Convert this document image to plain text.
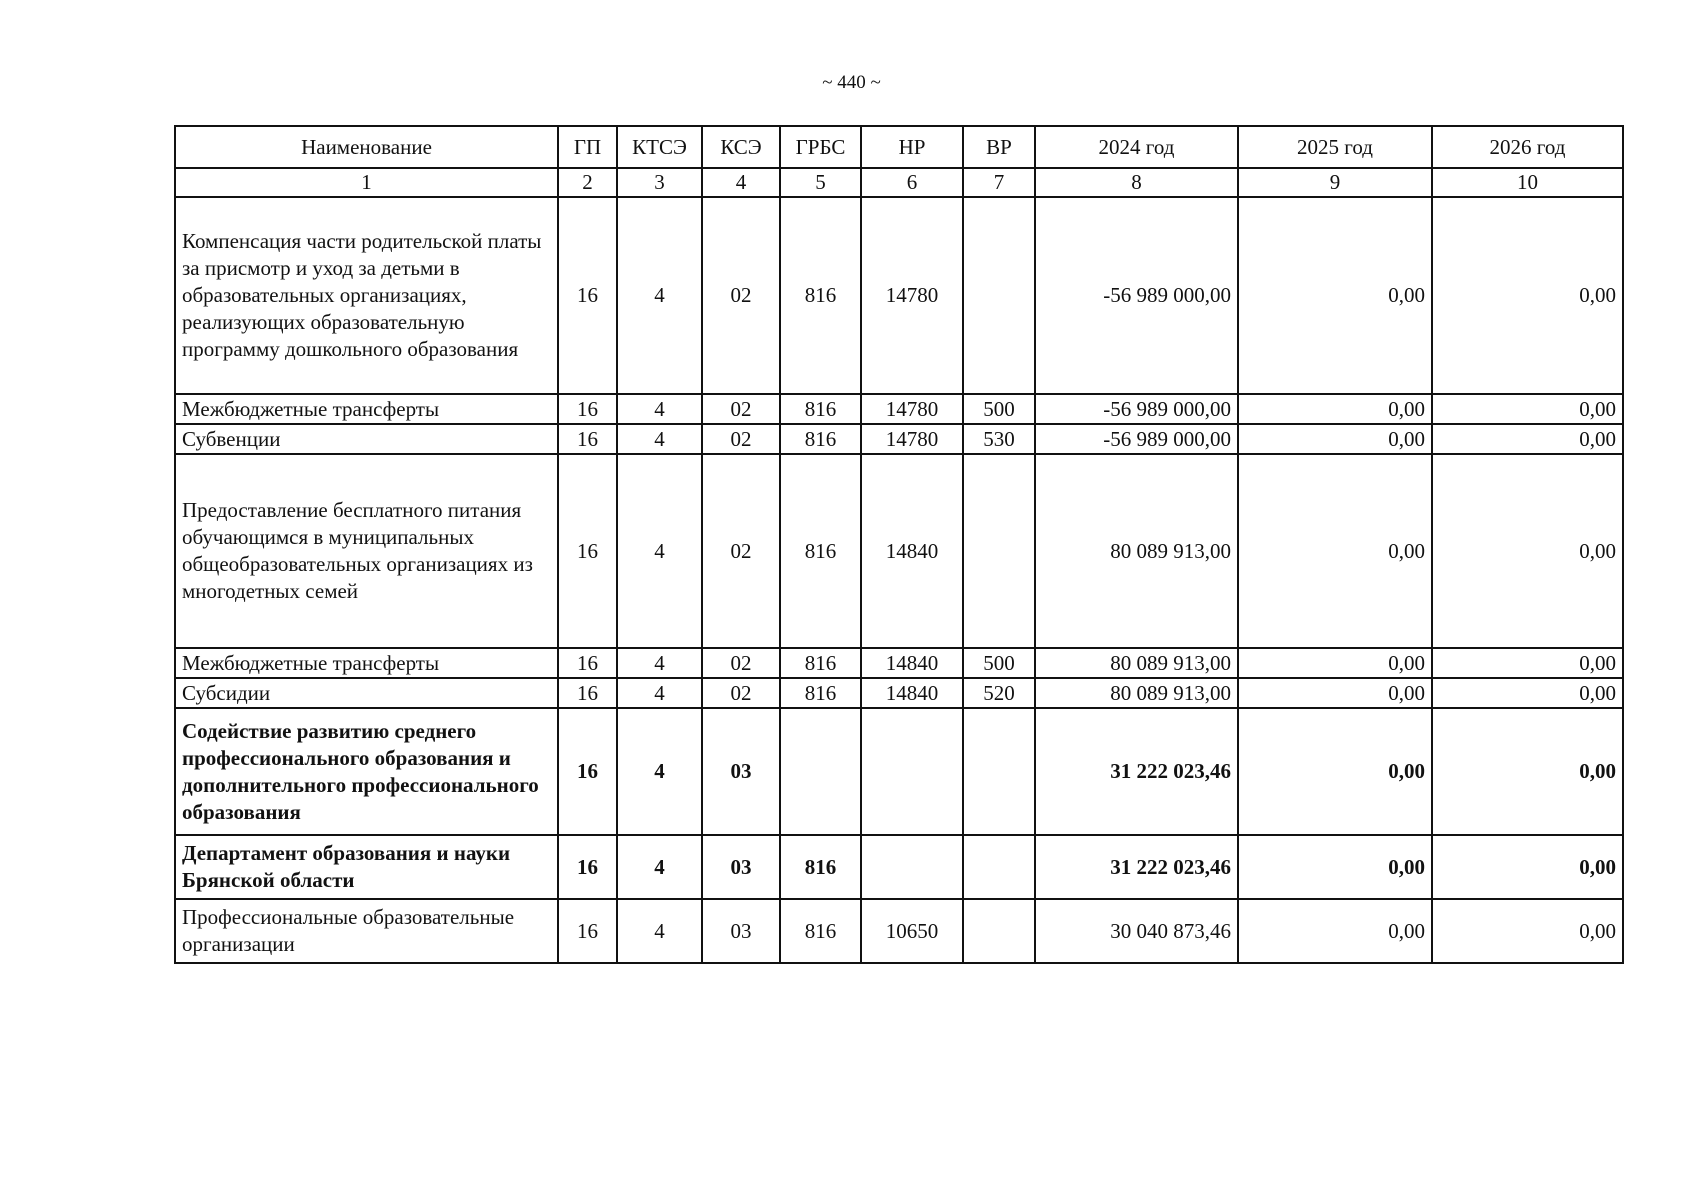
~ 440 ~
Наименование	ГП	КТСЭ	КСЭ	ГРБС	НР	ВР	2024 год	2025 год	2026 год
1	2	3	4	5	6	7	8	9	10
Компенсация части родительской платы за присмотр и уход за детьми в образовательных организациях, реализующих образовательную программу дошкольного образования	16	4	02	816	14780		-56 989 000,00	0,00	0,00
Межбюджетные трансферты	16	4	02	816	14780	500	-56 989 000,00	0,00	0,00
Субвенции	16	4	02	816	14780	530	-56 989 000,00	0,00	0,00
Предоставление бесплатного питания обучающимся в муниципальных общеобразовательных организациях из многодетных семей	16	4	02	816	14840		80 089 913,00	0,00	0,00
Межбюджетные трансферты	16	4	02	816	14840	500	80 089 913,00	0,00	0,00
Субсидии	16	4	02	816	14840	520	80 089 913,00	0,00	0,00
Содействие развитию среднего профессионального образования и дополнительного профессионального образования	16	4	03				31 222 023,46	0,00	0,00
Департамент образования и науки Брянской области	16	4	03	816			31 222 023,46	0,00	0,00
Профессиональные образовательные организации	16	4	03	816	10650		30 040 873,46	0,00	0,00
